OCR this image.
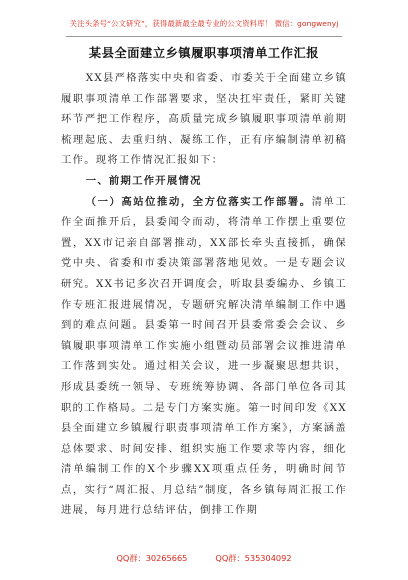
关注头条号“公文研究”，获得最新最全最专业的公文资料库！ 微信：gongwenyj
某县全面建立乡镇履职事项清单工作汇报

XX县严格落实中央和省委、市委关于全面建立乡镇履职事项清单工作部署要求，坚决扛牢责任，紧盯关键环节严把工作程序，高质量完成乡镇履职事项清单前期梳理起底、去重归纳、凝练工作，正有序编制清单初稿工作。现将工作情况汇报如下：

一、前期工作开展情况

（一）高站位推动，全方位落实工作部署。清单工作全面推开后，县委闻令而动，将清单工作摆上重要位置，XX市记亲自部署推动，XX部长牵头直接抓，确保党中央、省委和市委决策部署落地见效。一是专题会议研究。XX书记多次召开调度会，听取县委编办、乡镇工作专班汇报进展情况，专题研究解决清单编制工作中遇到的难点问题。县委第一时间召开县委常委会会议、乡镇履职事项清单工作实施小组暨动员部署会议推进清单工作落到实处。通过相关会议，进一步凝聚思想共识，形成县委统一领导、专班统筹协调、各部门单位各司其职的工作格局。二是专门方案实施。第一时间印发《XX县全面建立乡镇履行职责事项清单工作方案》，方案涵盖总体要求、时间安排、组织实施工作要求等内容，细化清单编制工作的X个步骤XX项重点任务，明确时间节点，实行“周汇报、月总结”制度，各乡镇每周汇报工作进展，每月进行总结评估，倒排工作期

QQ群：30265665	QQ群：535304092
